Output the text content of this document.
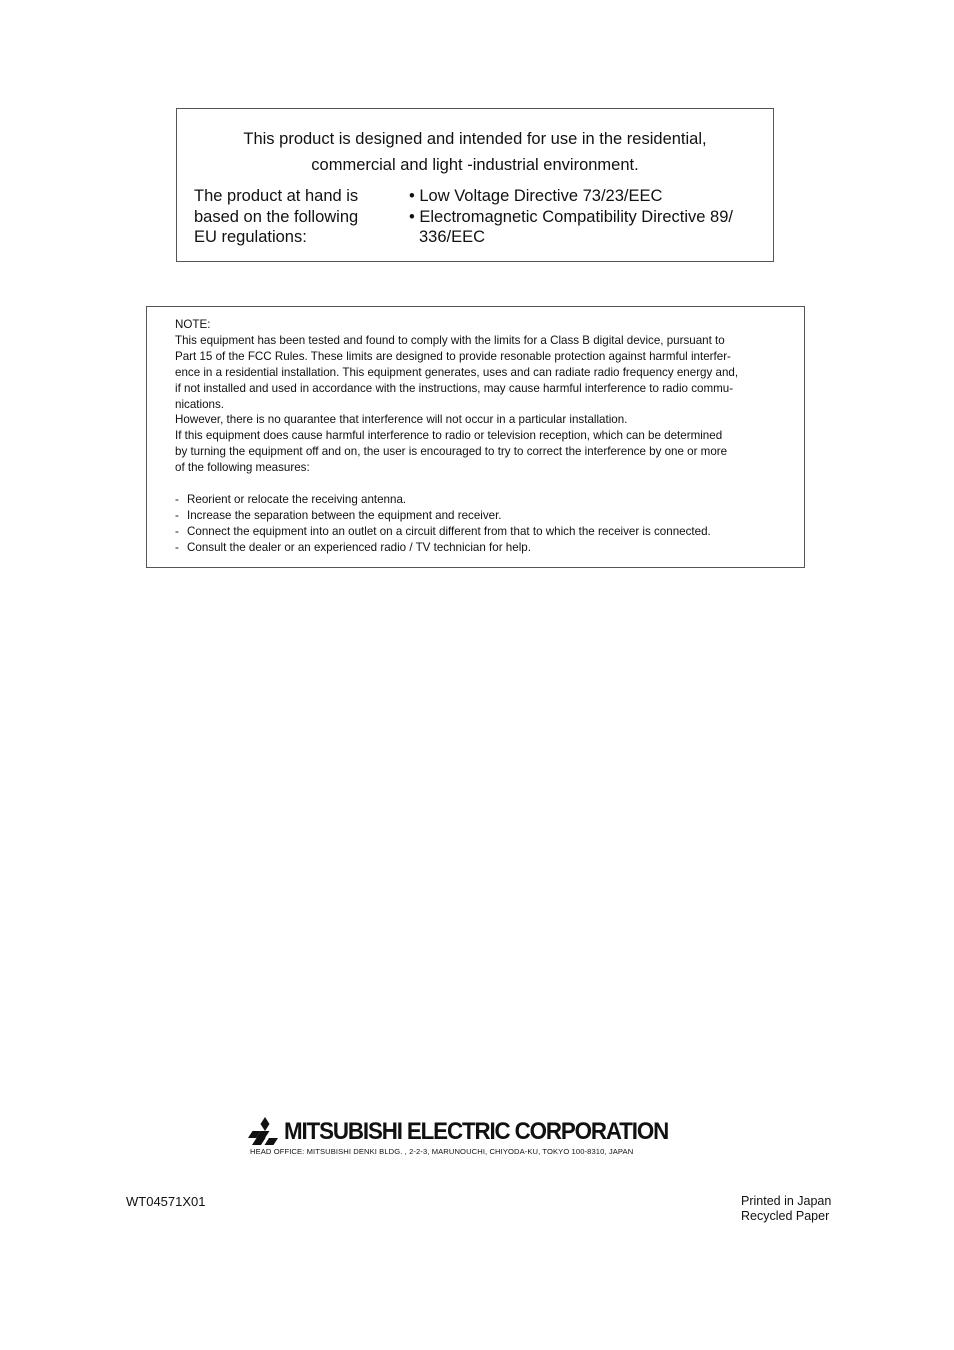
This product is designed and intended for use in the residential,
commercial and light -industrial environment.
The product at hand is
based on the following
EU regulations:
• Low Voltage Directive 73/23/EEC
• Electromagnetic Compatibility Directive 89/
336/EEC
NOTE:
This equipment has been tested and found to comply with the limits for a Class B digital device, pursuant to
Part 15 of the FCC Rules. These limits are designed to provide resonable protection against harmful interfer-
ence in a residential installation. This equipment generates, uses and can radiate radio frequency energy and,
if not installed and used in accordance with the instructions, may cause harmful interference to radio commu-
nications.
However, there is no quarantee that interference will not occur in a particular installation.
If this equipment does cause harmful interference to radio or television reception, which can be determined
by turning the equipment off and on, the user is encouraged to try to correct the interference by one or more
of the following measures:
- Reorient or relocate the receiving antenna.
- Increase the separation between the equipment and receiver.
- Connect the equipment into an outlet on a circuit different from that to which the receiver is connected.
- Consult the dealer or an experienced radio / TV technician for help.
MITSUBISHI ELECTRIC CORPORATION
HEAD OFFICE: MITSUBISHI DENKI BLDG. , 2-2-3, MARUNOUCHI, CHIYODA-KU, TOKYO 100-8310, JAPAN
WT04571X01	Printed in Japan
Recycled Paper
